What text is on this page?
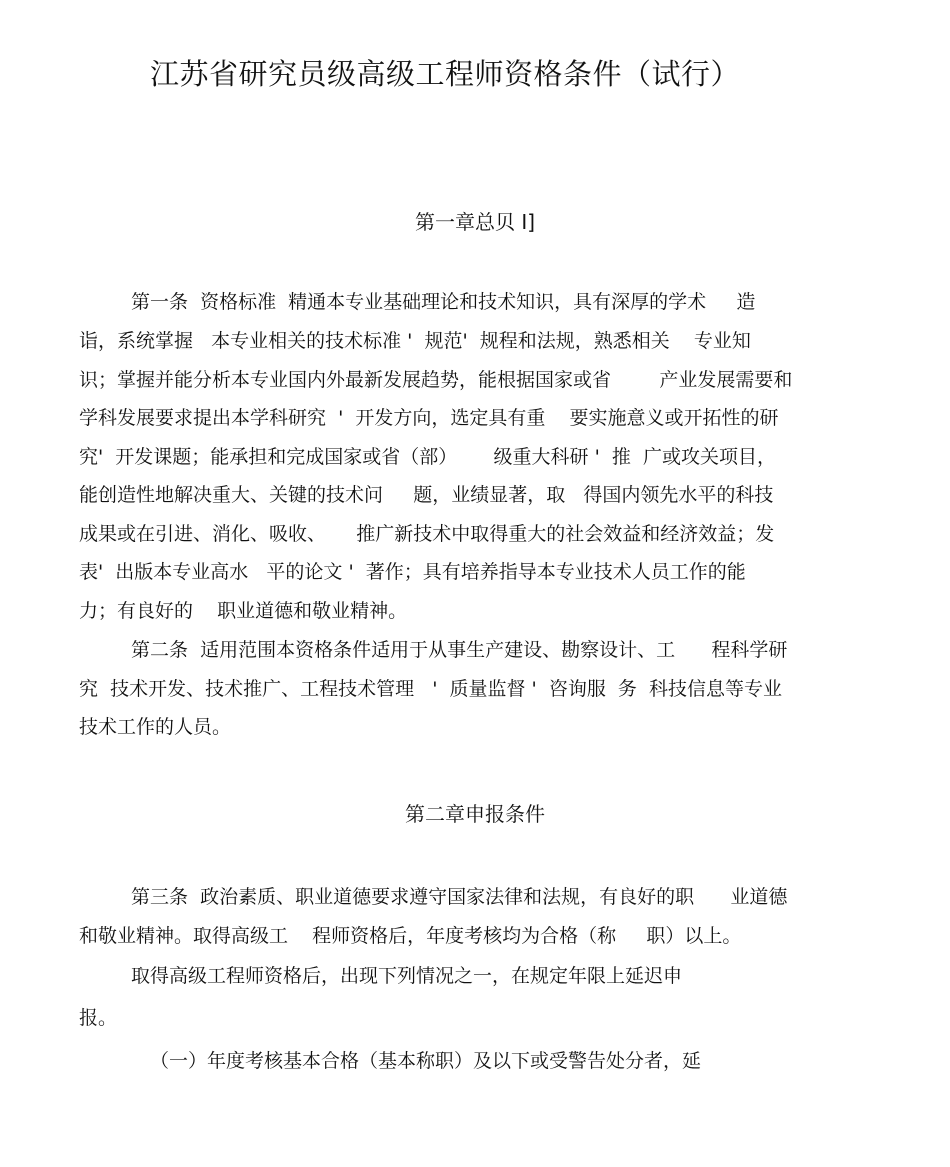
江苏省研究员级高级工程师资格条件（试行）
第一章总贝 I]

第一条  资格标准  精通本专业基础理论和技术知识，具有深厚的学术     造

诣，系统掌握   本专业相关的技术标准 '  规范'  规程和法规，熟悉相关    专业知

识；掌握并能分析本专业国内外最新发展趋势，能根据国家或省        产业发展需要和

学科发展要求提出本学科研究  '  开发方向，选定具有重    要实施意义或开拓性的研

究'  开发课题；能承担和完成国家或省（部）      级重大科研 '  推  广或攻关项目，

能创造性地解决重大、关键的技术问     题，业绩显著，取   得国内领先水平的科技

成果或在引进、消化、吸收、     推广新技术中取得重大的社会效益和经济效益；发

表'  出版本专业高水   平的论文 '  著作；具有培养指导本专业技术人员工作的能

力；有良好的    职业道德和敬业精神。

第二条  适用范围本资格条件适用于从事生产建设、勘察设计、工      程科学研

究  技术开发、技术推广、工程技术管理   '  质量监督 '  咨询服  务  科技信息等专业

技术工作的人员。

第二章申报条件

第三条  政治素质、职业道德要求遵守国家法律和法规，有良好的职      业道德

和敬业精神。取得高级工    程师资格后，年度考核均为合格（称     职）以上。

取得高级工程师资格后，出现下列情况之一，在规定年限上延迟申

报。

（一）年度考核基本合格（基本称职）及以下或受警告处分者，延
